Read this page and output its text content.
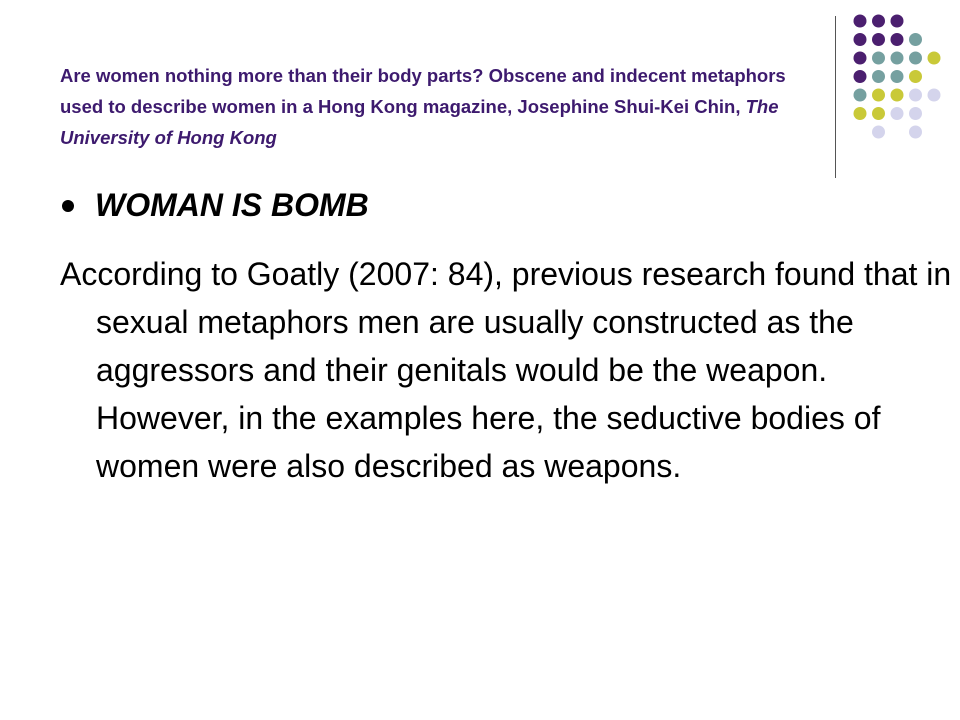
Are women nothing more than their body parts? Obscene and indecent metaphors used to describe women in a Hong Kong magazine, Josephine Shui-Kei Chin, The University of Hong Kong
WOMAN IS BOMB
According to Goatly (2007: 84), previous research found that in sexual metaphors men are usually constructed as the aggressors and their genitals would be the weapon. However, in the examples here, the seductive bodies of women were also described as weapons.
